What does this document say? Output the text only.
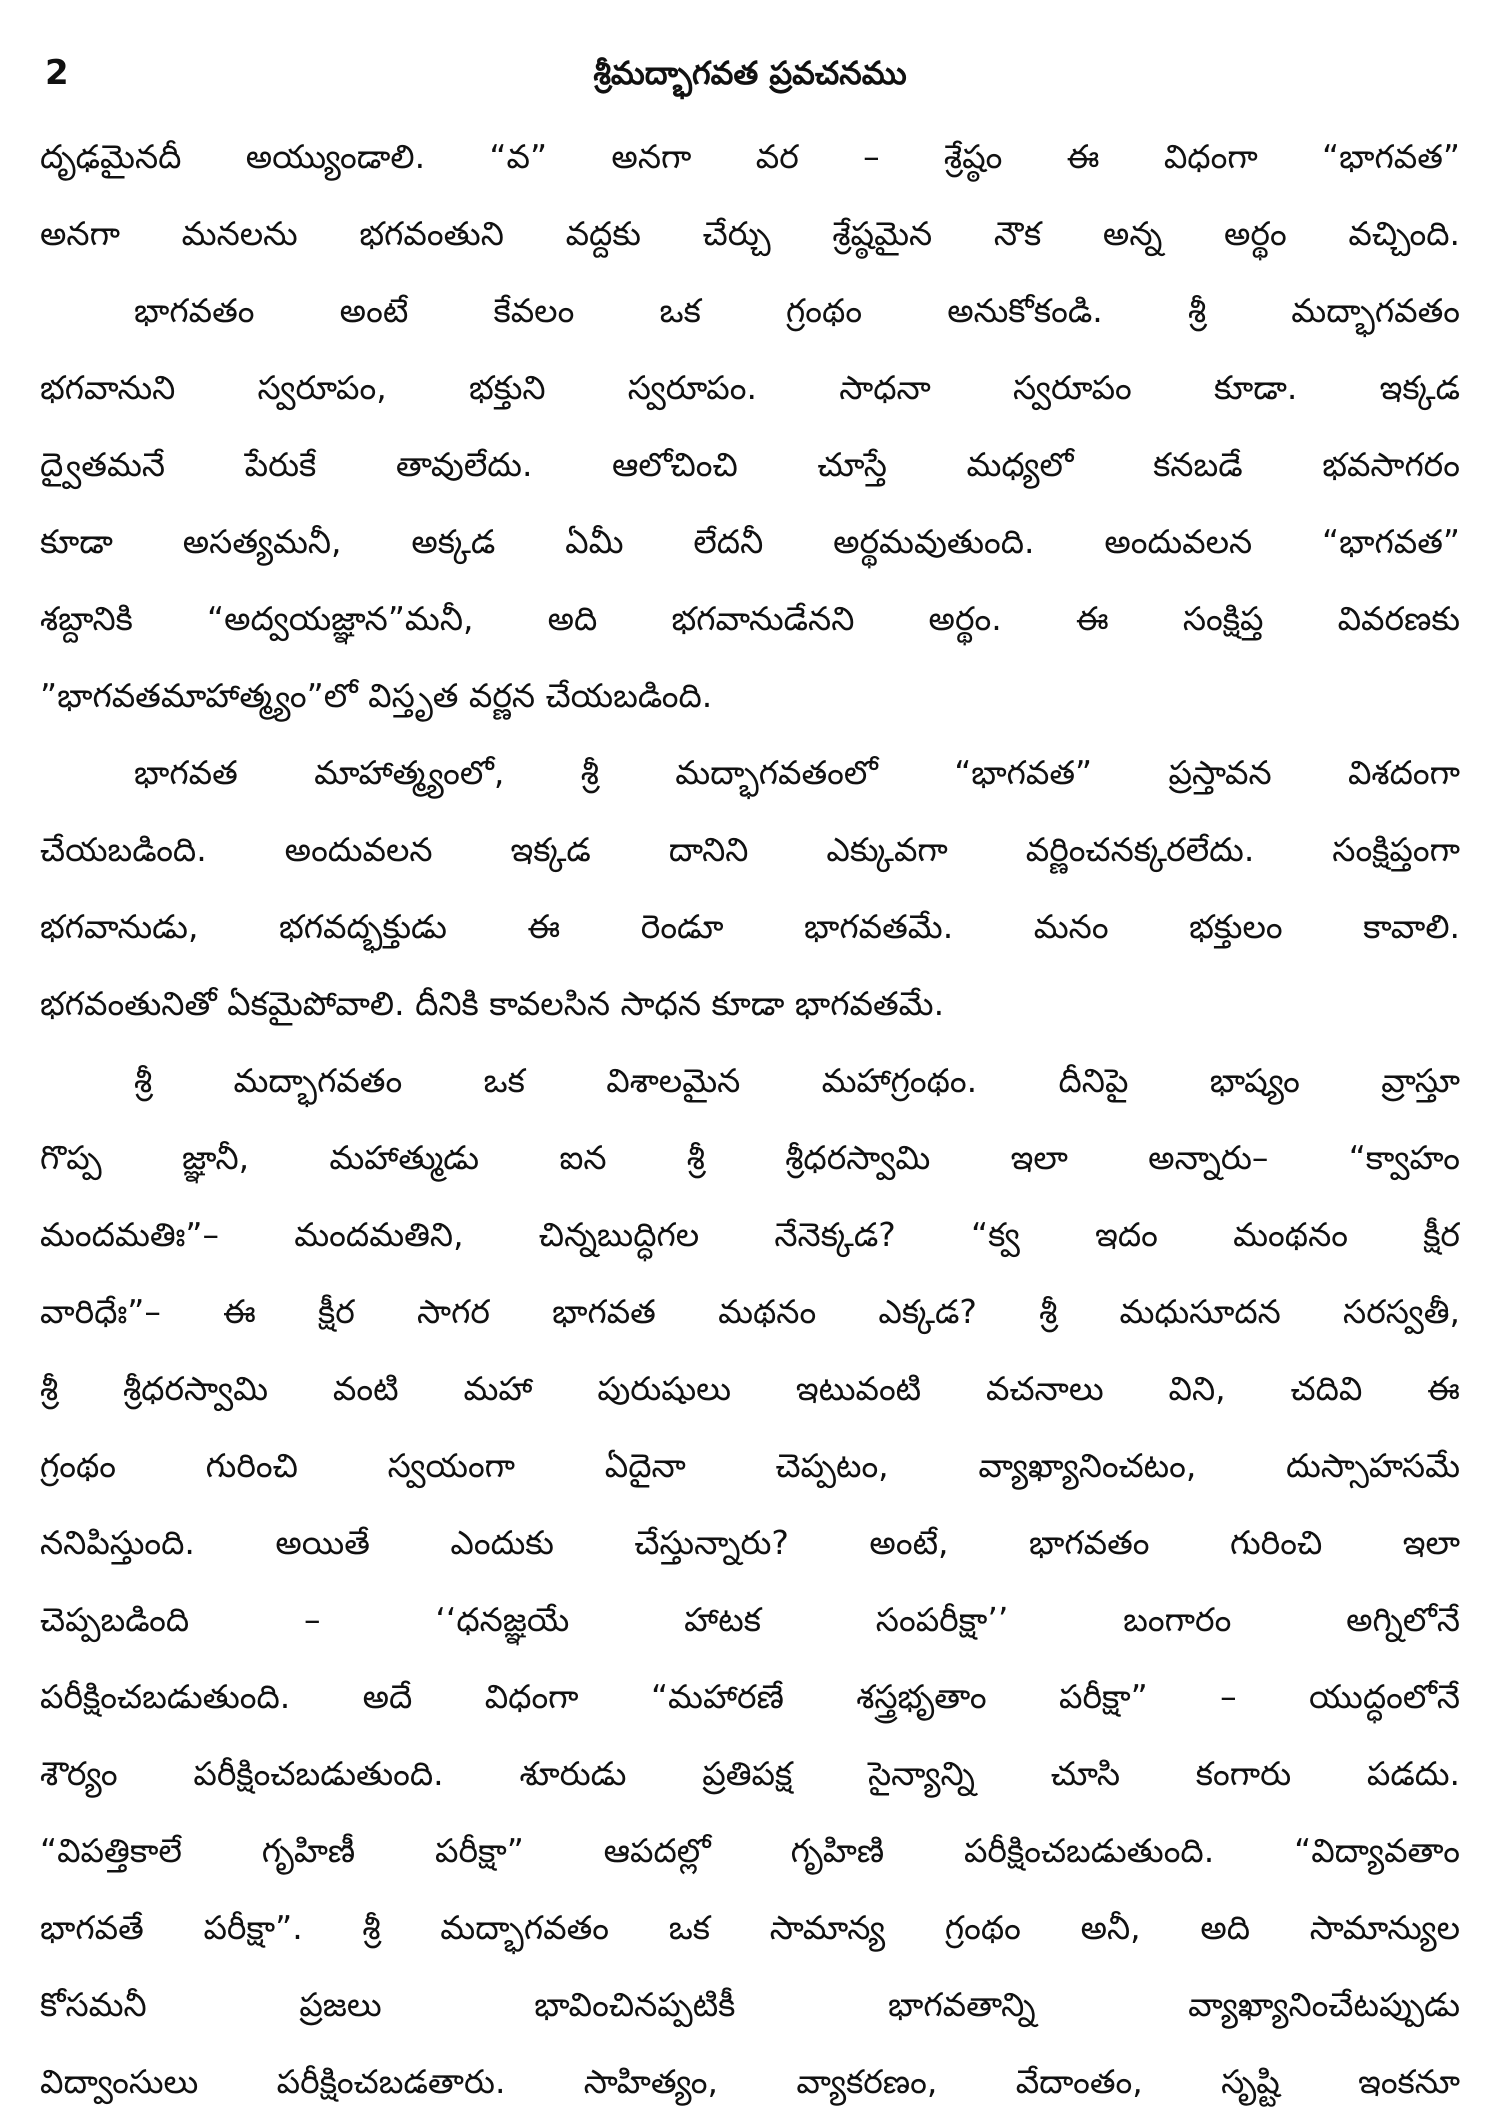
2	శ్రీమద్భాగవత ప్రవచనము
దృఢమైనదీ అయ్యుండాలి. “వ” అనగా వర – శ్రేష్ఠం ఈ విధంగా “భాగవత”
అనగా మనలను భగవంతుని వద్దకు చేర్చు శ్రేష్ఠమైన నౌక అన్న అర్థం వచ్చింది.
భాగవతం అంటే కేవలం ఒక గ్రంథం అనుకోకండి. శ్రీ మద్భాగవతం
భగవానుని స్వరూపం, భక్తుని స్వరూపం. సాధనా స్వరూపం కూడా. ఇక్కడ
ద్వైతమనే పేరుకే తావులేదు. ఆలోచించి చూస్తే మధ్యలో కనబడే భవసాగరం
కూడా అసత్యమనీ, అక్కడ ఏమీ లేదనీ అర్థమవుతుంది. అందువలన “భాగవత”
శబ్దానికి “అద్వయజ్ఞాన”మనీ, అది భగవానుడేనని అర్థం. ఈ సంక్షిప్త వివరణకు
”భాగవతమాహాత్మ్యం”లో విస్తృత వర్ణన చేయబడింది.
భాగవత మాహాత్మ్యంలో, శ్రీ మద్భాగవతంలో “భాగవత” ప్రస్తావన విశదంగా
చేయబడింది. అందువలన ఇక్కడ దానిని ఎక్కువగా వర్ణించనక్కరలేదు. సంక్షిప్తంగా
భగవానుడు, భగవద్భక్తుడు ఈ రెండూ భాగవతమే. మనం భక్తులం కావాలి.
భగవంతునితో ఏకమైపోవాలి. దీనికి కావలసిన సాధన కూడా భాగవతమే.
శ్రీ మద్భాగవతం ఒక విశాలమైన మహాగ్రంథం. దీనిపై భాష్యం వ్రాస్తూ
గొప్ప జ్ఞానీ, మహాత్ముడు ఐన శ్రీ శ్రీధరస్వామి ఇలా అన్నారు– “క్వాహం
మందమతిః”– మందమతిని, చిన్నబుద్ధిగల నేనెక్కడ? “క్వ ఇదం మంథనం క్షీర
వారిధేః”– ఈ క్షీర సాగర భాగవత మథనం ఎక్కడ? శ్రీ మధుసూదన సరస్వతీ,
శ్రీ శ్రీధరస్వామి వంటి మహా పురుషులు ఇటువంటి వచనాలు విని, చదివి ఈ
గ్రంథం గురించి స్వయంగా ఏదైనా చెప్పటం, వ్యాఖ్యానించటం, దుస్సాహసమే
ననిపిస్తుంది. అయితే ఎందుకు చేస్తున్నారు? అంటే, భాగవతం గురించి ఇలా
చెప్పబడింది – ‘‘ధనజ్ఞయే హాటక సంపరీక్షా’’ బంగారం అగ్నిలోనే
పరీక్షించబడుతుంది. అదే విధంగా “మహారణే శస్త్రభృతాం పరీక్షా” – యుద్ధంలోనే
శౌర్యం పరీక్షించబడుతుంది. శూరుడు ప్రతిపక్ష సైన్యాన్ని చూసి కంగారు పడదు.
“విపత్తికాలే గృహిణీ పరీక్షా” ఆపదల్లో గృహిణి పరీక్షించబడుతుంది. “విద్యావతాం
భాగవతే పరీక్షా”. శ్రీ మద్భాగవతం ఒక సామాన్య గ్రంథం అనీ, అది సామాన్యుల
కోసమనీ ప్రజలు భావించినప్పటికీ భాగవతాన్ని వ్యాఖ్యానించేటప్పుడు
విద్వాంసులు పరీక్షించబడతారు. సాహిత్యం, వ్యాకరణం, వేదాంతం, సృష్టి ఇంకనూ
